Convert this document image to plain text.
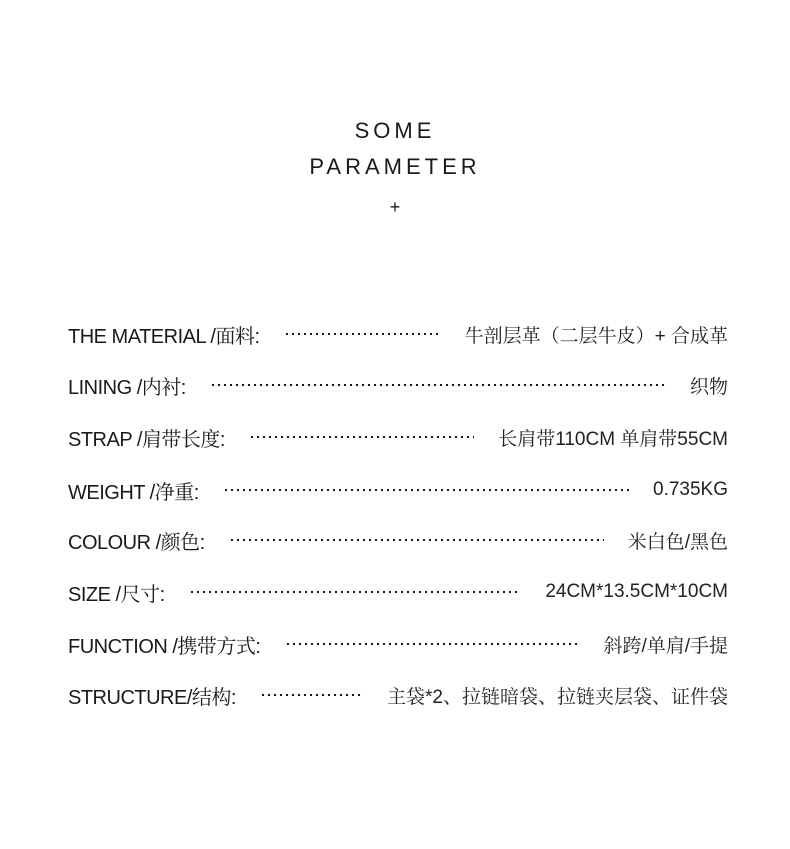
SOME
PARAMETER
+
THE MATERIAL /面料:	牛剖层革（二层牛皮）+ 合成革
LINING /内衬:	织物
STRAP /肩带长度:	长肩带110CM 单肩带55CM
WEIGHT /净重:	0.735KG
COLOUR /颜色:	米白色/黑色
SIZE /尺寸:	24CM*13.5CM*10CM
FUNCTION /携带方式:	斜跨/单肩/手提
STRUCTURE/结构:	主袋*2、拉链暗袋、拉链夹层袋、证件袋
